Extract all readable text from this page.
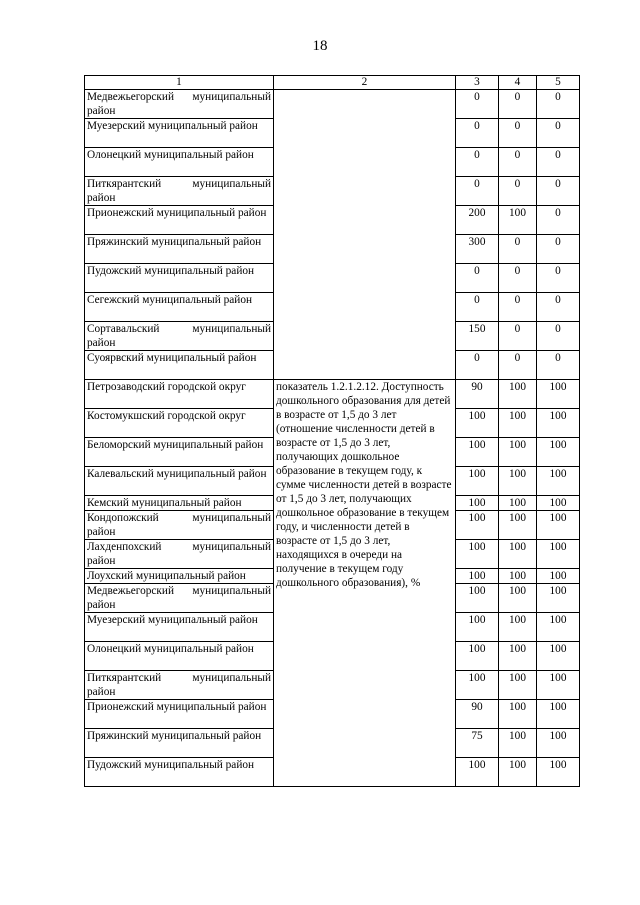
18
1	2	3	4	5
Медвежьегорский муниципальный район		0	0	0
Муезерский муниципальный район		0	0	0
Олонецкий муниципальный район		0	0	0
Питкярантский муниципальный район		0	0	0
Прионежский муниципальный район		200	100	0
Пряжинский муниципальный район		300	0	0
Пудожский муниципальный район		0	0	0
Сегежский муниципальный район		0	0	0
Сортавальский муниципальный район		150	0	0
Суоярвский муниципальный район		0	0	0
Петрозаводский городской округ	показатель 1.2.1.2.12. Доступность дошкольного образования для детей в возрасте от 1,5 до 3 лет (отношение численности детей в возрасте от 1,5 до 3 лет, получающих дошкольное образование в текущем году, к сумме численности детей в возрасте от 1,5 до 3 лет, получающих дошкольное образование в текущем году, и численности детей в возрасте от 1,5 до 3 лет, находящихся в очереди на получение в текущем году дошкольного образования), %	90	100	100
Костомукшский городской округ		100	100	100
Беломорский муниципальный район		100	100	100
Калевальский муниципальный район		100	100	100
Кемский муниципальный район		100	100	100
Кондопожский муниципальный район		100	100	100
Лахденпохский муниципальный район		100	100	100
Лоухский муниципальный район		100	100	100
Медвежьегорский муниципальный район		100	100	100
Муезерский муниципальный район		100	100	100
Олонецкий муниципальный район		100	100	100
Питкярантский муниципальный район		100	100	100
Прионежский муниципальный район		90	100	100
Пряжинский муниципальный район		75	100	100
Пудожский муниципальный район		100	100	100
